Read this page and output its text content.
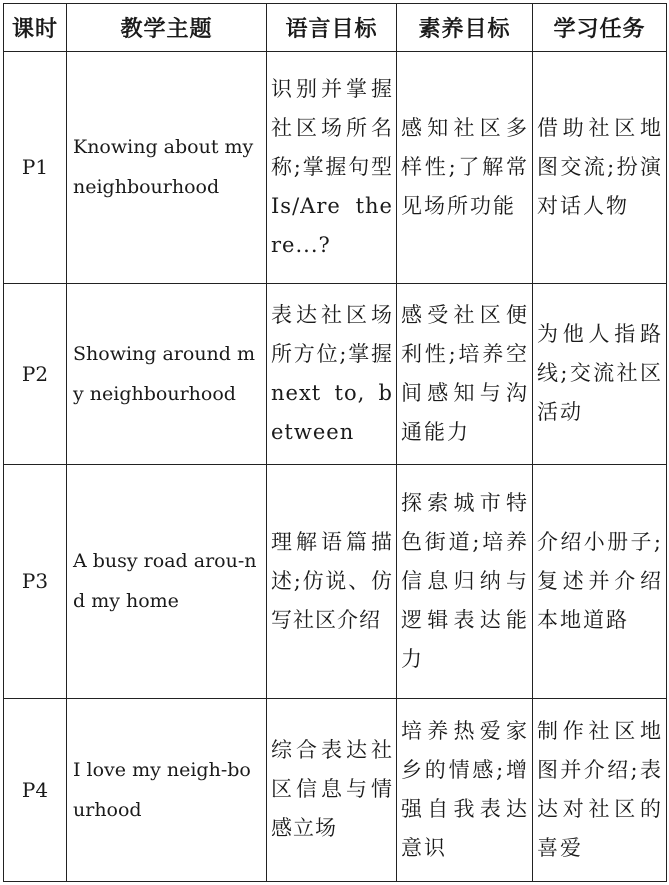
课时	教学主题	语言目标	素养目标	学习任务
P1	Knowing about my neighbourhood	识别并掌握社区场所名称;掌握句型 Is/Are there...?	感知社区多样性;了解常见场所功能	借助社区地图交流;扮演对话人物
P2	Showing around my neighbourhood	表达社区场所方位;掌握 next to, between	感受社区便利性;培养空间感知与沟通能力	为他人指路线;交流社区活动
P3	A busy road arou-nd my home	理解语篇描述;仿说、仿写社区介绍	探索城市特色街道;培养信息归纳与逻辑表达能力	介绍小册子;复述并介绍本地道路
P4	I love my neigh-bourhood	综合表达社区信息与情感立场	培养热爱家乡的情感;增强自我表达意识	制作社区地图并介绍;表达对社区的喜爱
